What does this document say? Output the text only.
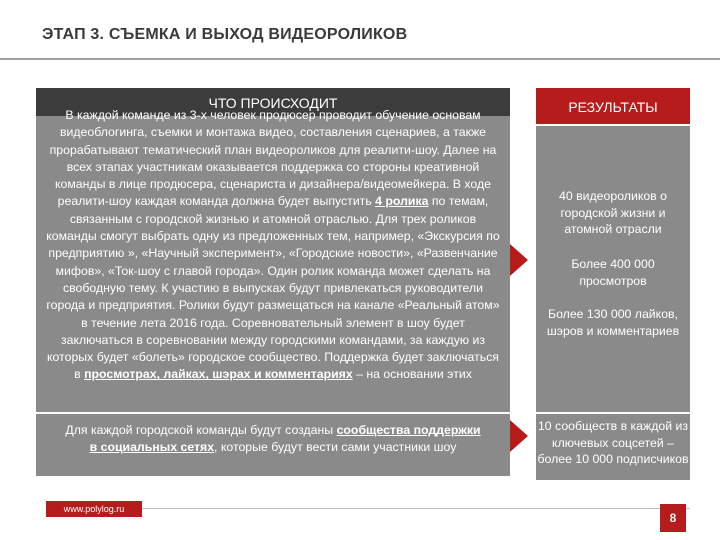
ЭТАП 3. СЪЕМКА И ВЫХОД ВИДЕОРОЛИКОВ
ЧТО ПРОИСХОДИТ
В каждой команде из 3-х человек продюсер проводит обучение основам видеоблогинга, съемки и монтажа видео, составления сценариев, а также прорабатывают тематический план видеороликов для реалити-шоу. Далее на всех этапах участникам оказывается поддержка со стороны креативной команды в лице продюсера, сценариста и дизайнера/видеомейкера. В ходе реалити-шоу каждая команда должна будет выпустить 4 ролика по темам, связанным с городской жизнью и атомной отраслью. Для трех роликов команды смогут выбрать одну из предложенных тем, например, «Экскурсия по предприятию », «Научный эксперимент», «Городские новости», «Развенчание мифов», «Ток-шоу с главой города». Один ролик команда может сделать на свободную тему. К участию в выпусках будут привлекаться руководители города и предприятия. Ролики будут размещаться на канале «Реальный атом» в течение лета 2016 года. Соревновательный элемент в шоу будет заключаться в соревновании между городскими командами, за каждую из которых будет «болеть» городское сообщество. Поддержка будет заключаться в просмотрах, лайках, шэрах и комментариях – на основании этих
Для каждой городской команды будут созданы сообщества поддержки в социальных сетях, которые будут вести сами участники шоу
РЕЗУЛЬТАТЫ
40 видеороликов о городской жизни и атомной отрасли
Более 400 000 просмотров
Более 130 000 лайков, шэров и комментариев
10 сообществ в каждой из ключевых соцсетей – более 10 000 подписчиков
www.polylog.ru
8
